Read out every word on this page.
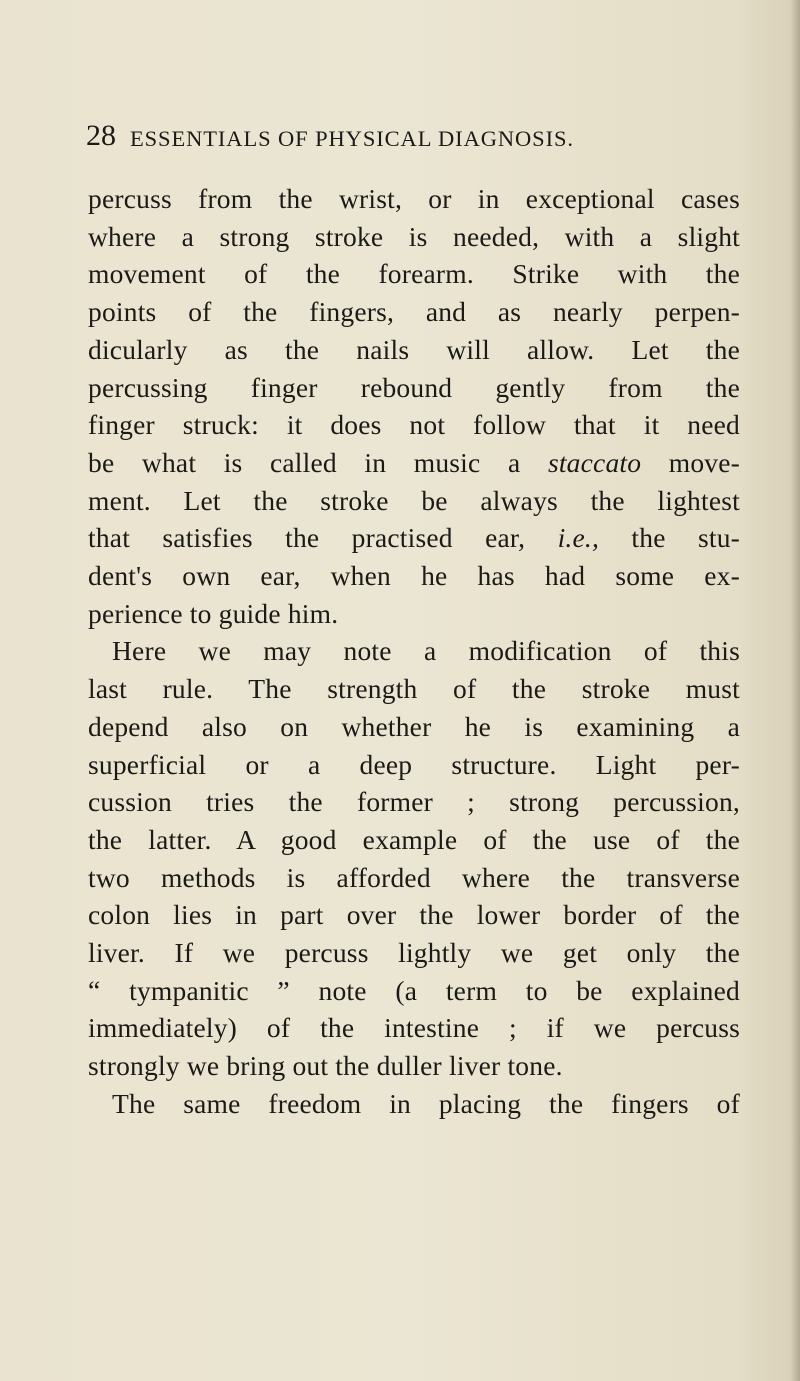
28 ESSENTIALS OF PHYSICAL DIAGNOSIS.
percuss from the wrist, or in exceptional cases
where a strong stroke is needed, with a slight
movement of the forearm. Strike with the
points of the fingers, and as nearly perpen-
dicularly as the nails will allow. Let the
percussing finger rebound gently from the
finger struck: it does not follow that it need
be what is called in music a staccato move-
ment. Let the stroke be always the lightest
that satisfies the practised ear, i.e., the stu-
dent's own ear, when he has had some ex-
perience to guide him.
Here we may note a modification of this
last rule. The strength of the stroke must
depend also on whether he is examining a
superficial or a deep structure. Light per-
cussion tries the former ; strong percussion,
the latter. A good example of the use of the
two methods is afforded where the transverse
colon lies in part over the lower border of the
liver. If we percuss lightly we get only the
“ tympanitic ” note (a term to be explained
immediately) of the intestine ; if we percuss
strongly we bring out the duller liver tone.
The same freedom in placing the fingers of
